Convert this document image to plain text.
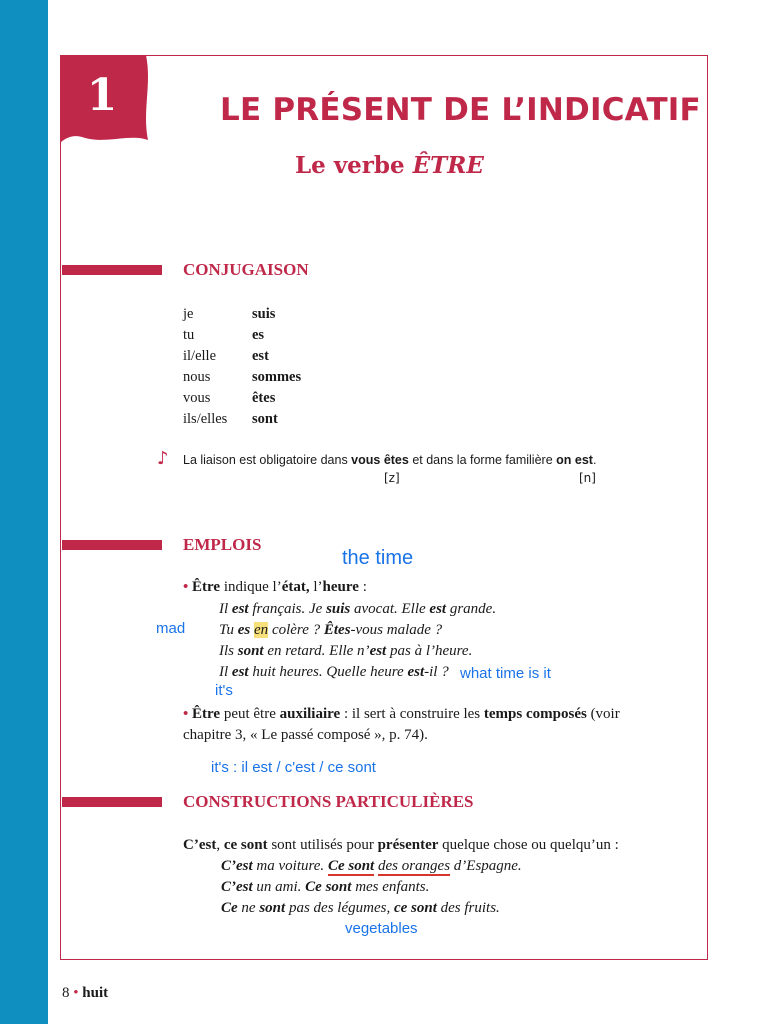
1	LE PRÉSENT DE L’INDICATIF
Le verbe ÊTRE
CONJUGAISON
je	suis
tu	es
il/elle est
nous	sommes
vous	êtes
ils/elles sont
♪ La liaison est obligatoire dans vous êtes et dans la forme familière on est.
[z]	[n]
EMPLOIS
the time
• Être indique l’état, l’heure :
Il est français. Je suis avocat. Elle est grande.
mad Tu es en colère ? Êtes-vous malade ?
Ils sont en retard. Elle n’est pas à l’heure.
Il est huit heures. Quelle heure est-il ? what time is it
it's
• Être peut être auxiliaire : il sert à construire les temps composés (voir
chapitre 3, « Le passé composé », p. 74).
it's : il est / c'est / ce sont
CONSTRUCTIONS PARTICULIÈRES
C’est, ce sont sont utilisés pour présenter quelque chose ou quelqu’un :
C’est ma voiture. Ce sont des oranges d’Espagne.
C’est un ami. Ce sont mes enfants.
Ce ne sont pas des légumes, ce sont des fruits.
vegetables
8 • huit
